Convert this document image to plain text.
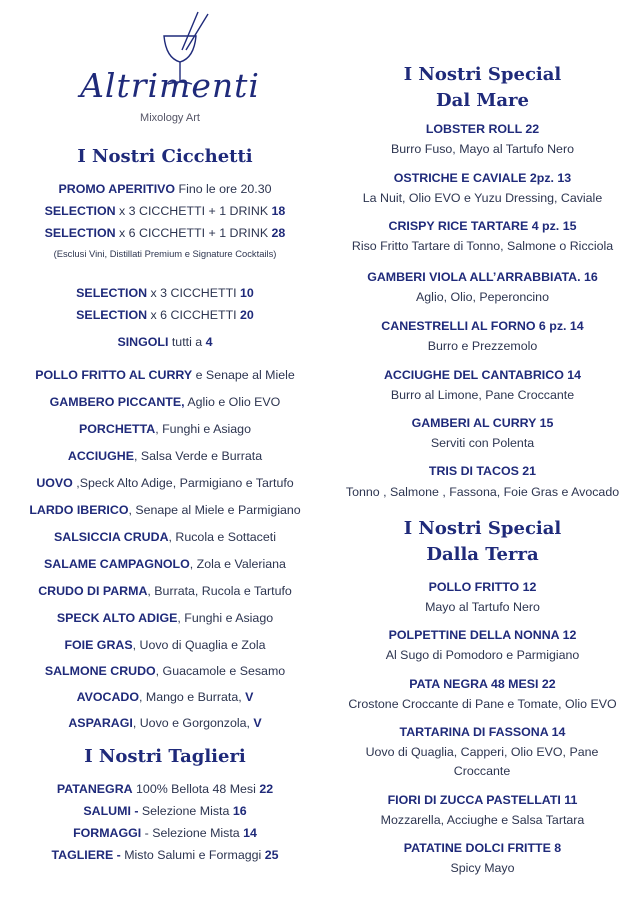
Altrimenti
Mixology Art
I Nostri Cicchetti
PROMO APERITIVO Fino le ore 20.30
SELECTION x 3 CICCHETTI + 1 DRINK 18
SELECTION x 6 CICCHETTI + 1 DRINK 28
(Esclusi Vini, Distillati Premium e Signature Cocktails)
SELECTION x 3 CICCHETTI 10
SELECTION x 6 CICCHETTI 20
SINGOLI tutti a 4
POLLO FRITTO AL CURRY e Senape al Miele
GAMBERO PICCANTE, Aglio e Olio EVO
PORCHETTA, Funghi e Asiago
ACCIUGHE, Salsa Verde e Burrata
UOVO ,Speck Alto Adige, Parmigiano e Tartufo
LARDO IBERICO, Senape al Miele e Parmigiano
SALSICCIA CRUDA, Rucola e Sottaceti
SALAME CAMPAGNOLO, Zola e Valeriana
CRUDO DI PARMA, Burrata, Rucola e Tartufo
SPECK ALTO ADIGE, Funghi e Asiago
FOIE GRAS, Uovo di Quaglia e Zola
SALMONE CRUDO, Guacamole e Sesamo
AVOCADO, Mango e Burrata, V
ASPARAGI, Uovo e Gorgonzola, V
I Nostri Taglieri
PATANEGRA 100% Bellota 48 Mesi 22
SALUMI - Selezione Mista 16
FORMAGGI - Selezione Mista 14
TAGLIERE - Misto Salumi e Formaggi 25
I Nostri Special
Dal Mare
LOBSTER ROLL 22
Burro Fuso, Mayo al Tartufo Nero
OSTRICHE E CAVIALE 2pz. 13
La Nuit, Olio EVO e Yuzu Dressing, Caviale
CRISPY RICE TARTARE 4 pz. 15
Riso Fritto Tartare di Tonno, Salmone o Ricciola
GAMBERI VIOLA ALL’ARRABBIATA. 16
Aglio, Olio, Peperoncino
CANESTRELLI AL FORNO 6 pz. 14
Burro e Prezzemolo
ACCIUGHE DEL CANTABRICO 14
Burro al Limone, Pane Croccante
GAMBERI AL CURRY 15
Serviti con Polenta
TRIS DI TACOS 21
Tonno , Salmone , Fassona, Foie Gras e Avocado
I Nostri Special
Dalla Terra
POLLO FRITTO 12
Mayo al Tartufo Nero
POLPETTINE DELLA NONNA 12
Al Sugo di Pomodoro e Parmigiano
PATA NEGRA 48 MESI 22
Crostone Croccante di Pane e Tomate, Olio EVO
TARTARINA DI FASSONA 14
Uovo di Quaglia, Capperi, Olio EVO, Pane Croccante
FIORI DI ZUCCA PASTELLATI 11
Mozzarella, Acciughe e Salsa Tartara
PATATINE DOLCI FRITTE 8
Spicy Mayo
